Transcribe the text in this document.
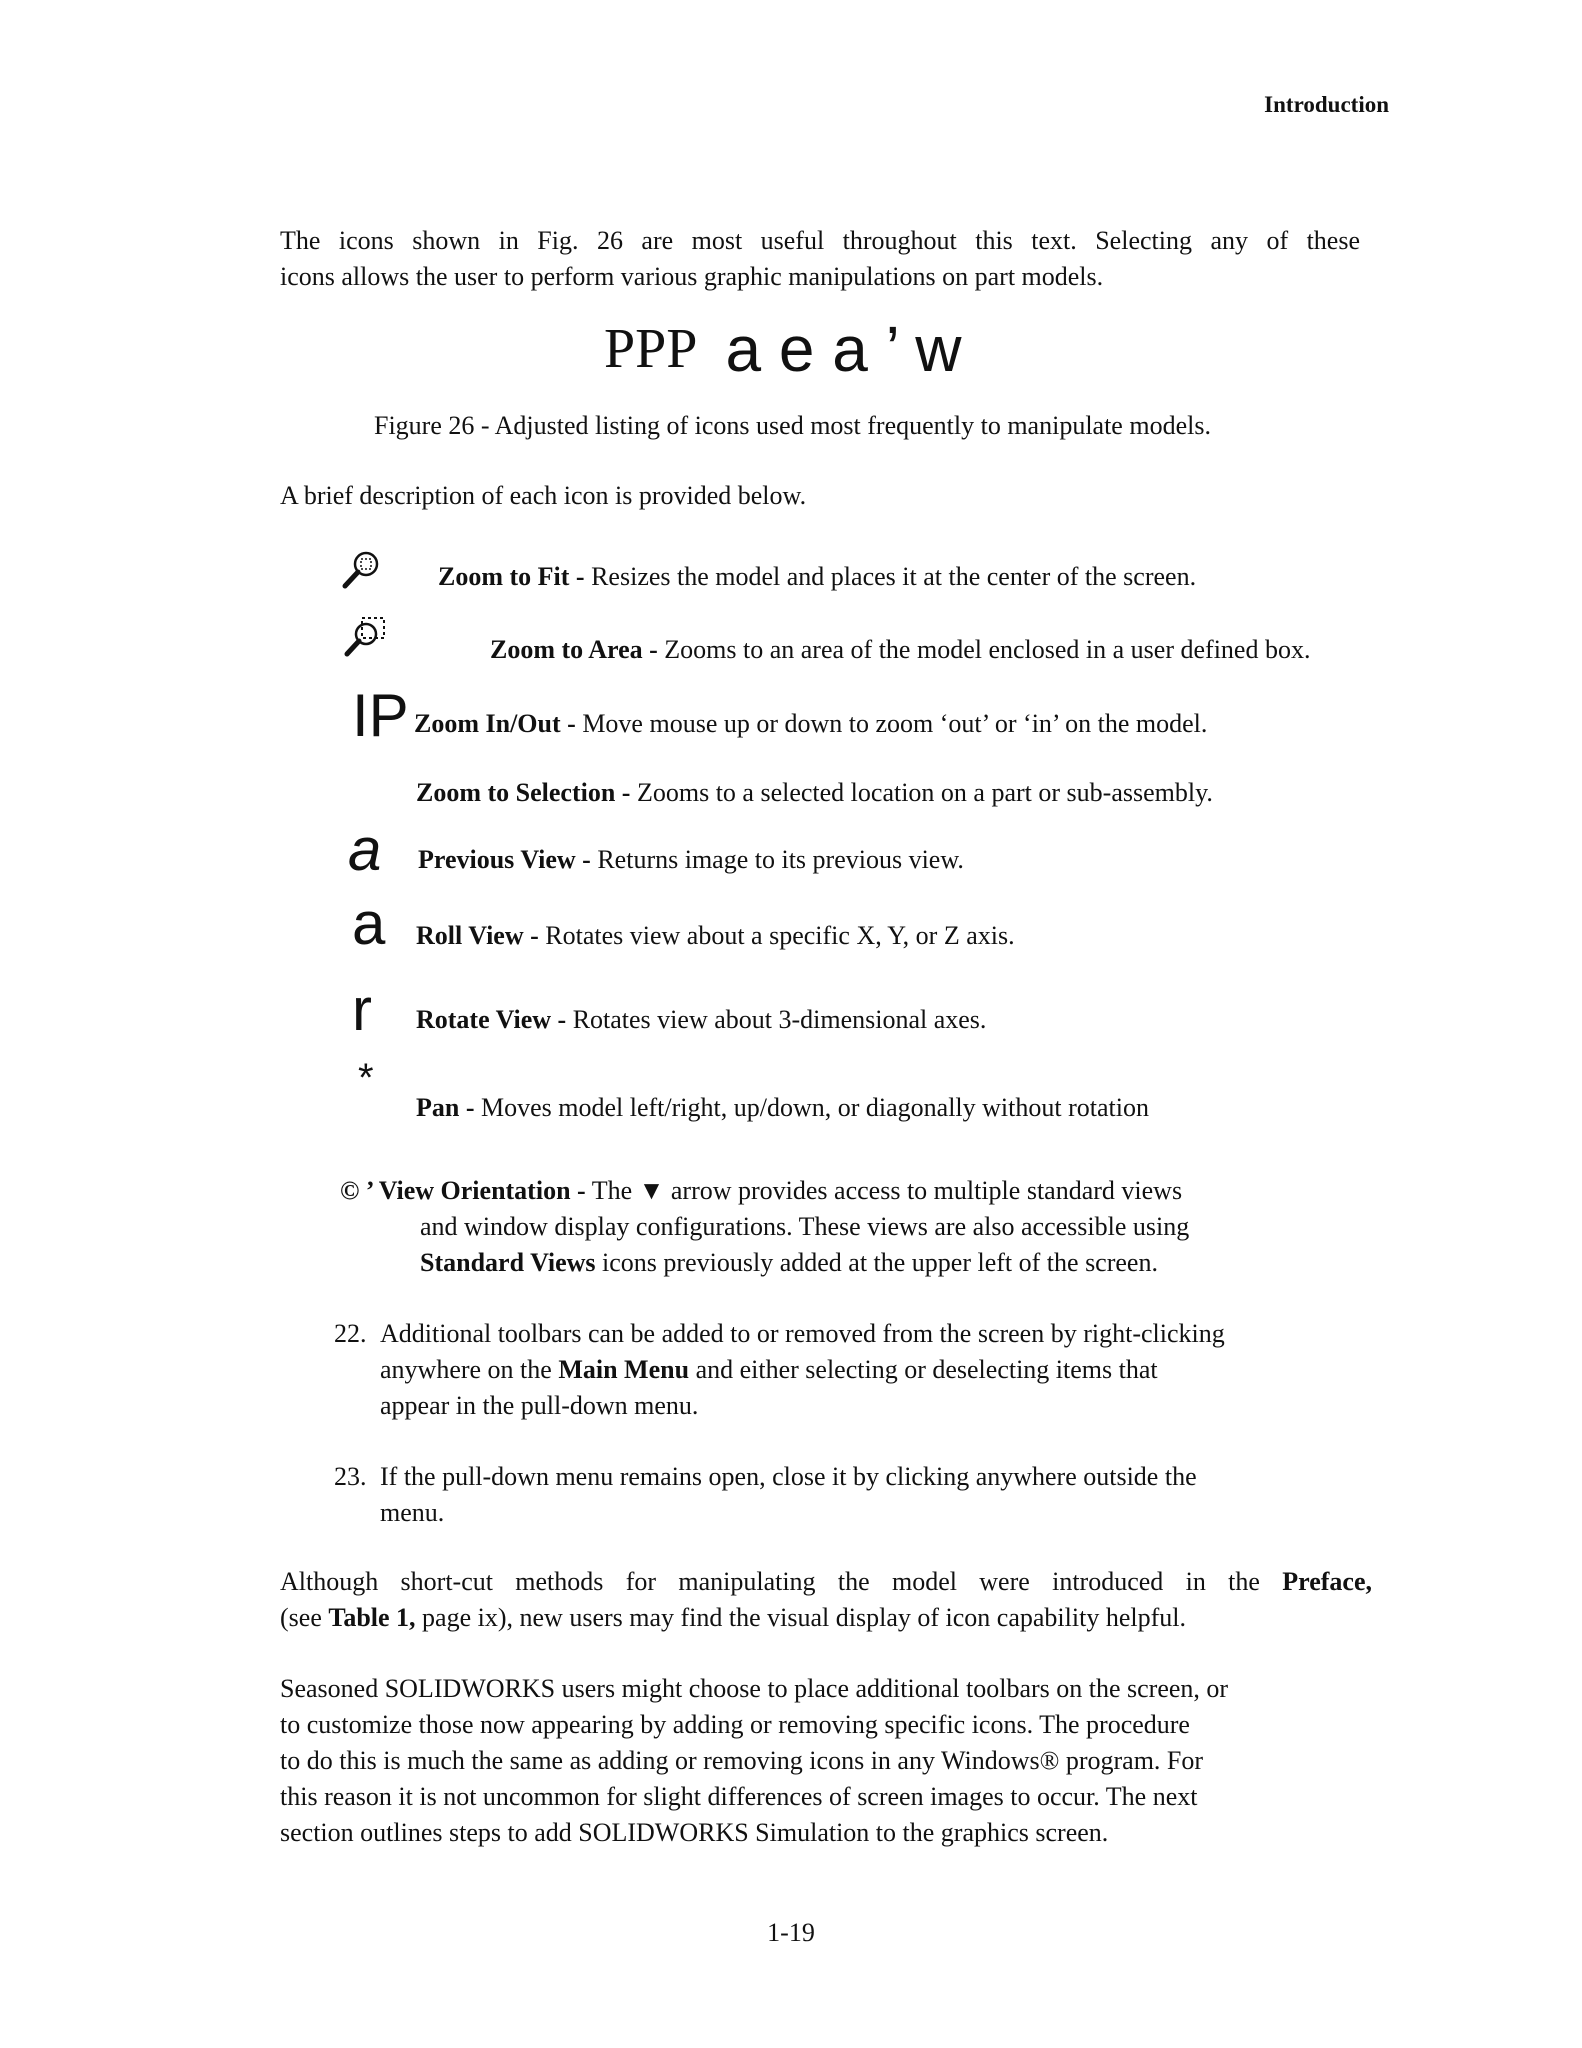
Introduction
The icons shown in Fig. 26 are most useful throughout this text. Selecting any of these
icons allows the user to perform various graphic manipulations on part models.
PPP a e a ’ w
Figure 26 - Adjusted listing of icons used most frequently to manipulate models.
A brief description of each icon is provided below.
Zoom to Fit - Resizes the model and places it at the center of the screen.
Zoom to Area - Zooms to an area of the model enclosed in a user defined box.
IP Zoom In/Out - Move mouse up or down to zoom ‘out’ or ‘in’ on the model.
Zoom to Selection - Zooms to a selected location on a part or sub-assembly.
a Previous View - Returns image to its previous view.
a Roll View - Rotates view about a specific X, Y, or Z axis.
r Rotate View - Rotates view about 3-dimensional axes.
*
Pan - Moves model left/right, up/down, or diagonally without rotation
© ’ View Orientation - The ▼ arrow provides access to multiple standard views
and window display configurations. These views are also accessible using
Standard Views icons previously added at the upper left of the screen.
22. Additional toolbars can be added to or removed from the screen by right-clicking
anywhere on the Main Menu and either selecting or deselecting items that
appear in the pull-down menu.
23. If the pull-down menu remains open, close it by clicking anywhere outside the
menu.
Although short-cut methods for manipulating the model were introduced in the Preface,
(see Table 1, page ix), new users may find the visual display of icon capability helpful.
Seasoned SOLIDWORKS users might choose to place additional toolbars on the screen, or
to customize those now appearing by adding or removing specific icons. The procedure
to do this is much the same as adding or removing icons in any Windows® program. For
this reason it is not uncommon for slight differences of screen images to occur. The next
section outlines steps to add SOLIDWORKS Simulation to the graphics screen.
1-19
